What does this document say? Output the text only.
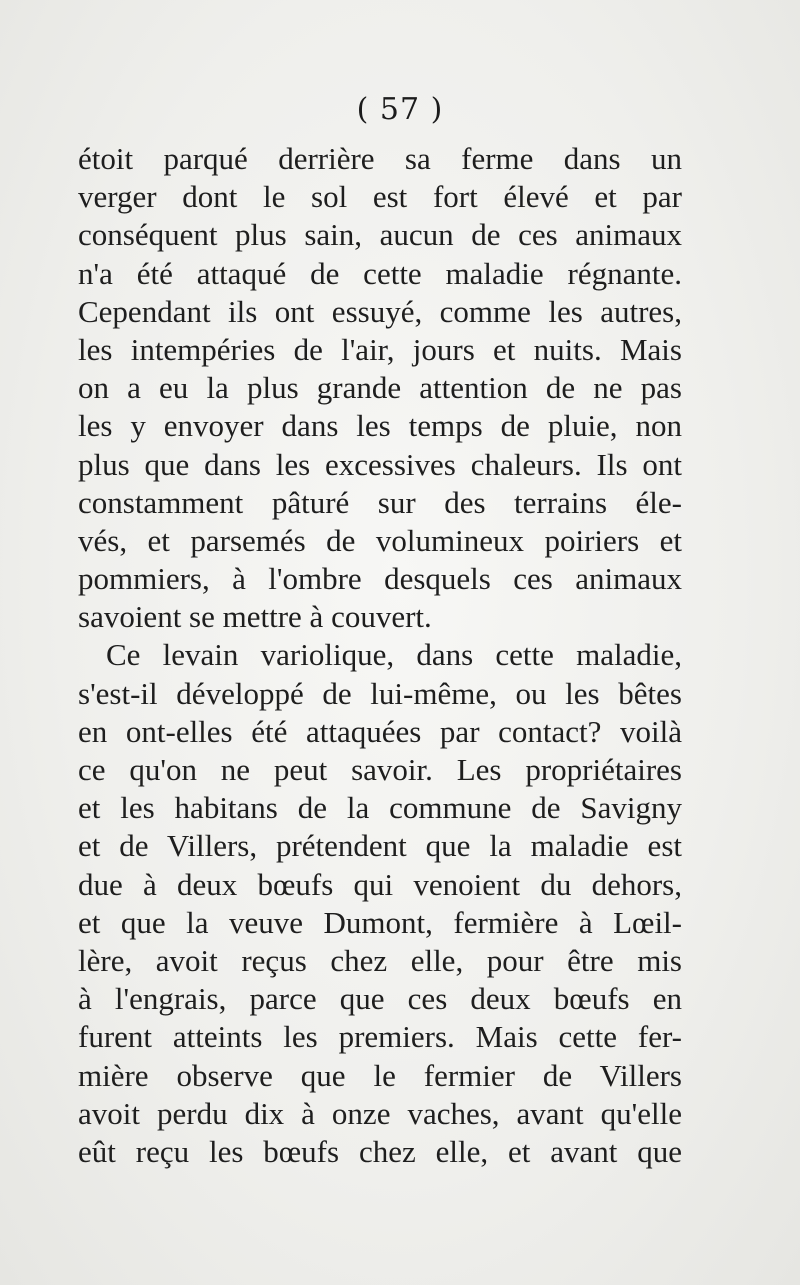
( 57 )
étoit parqué derrière sa ferme dans un
verger dont le sol est fort élevé et par
conséquent plus sain, aucun de ces animaux
n'a été attaqué de cette maladie régnante.
Cependant ils ont essuyé, comme les autres,
les intempéries de l'air, jours et nuits. Mais
on a eu la plus grande attention de ne pas
les y envoyer dans les temps de pluie, non
plus que dans les excessives chaleurs. Ils ont
constamment pâturé sur des terrains éle-
vés, et parsemés de volumineux poiriers et
pommiers, à l'ombre desquels ces animaux
savoient se mettre à couvert.
Ce levain variolique, dans cette maladie,
s'est-il développé de lui-même, ou les bêtes
en ont-elles été attaquées par contact? voilà
ce qu'on ne peut savoir. Les propriétaires
et les habitans de la commune de Savigny
et de Villers, prétendent que la maladie est
due à deux bœufs qui venoient du dehors,
et que la veuve Dumont, fermière à Lœil-
lère, avoit reçus chez elle, pour être mis
à l'engrais, parce que ces deux bœufs en
furent atteints les premiers. Mais cette fer-
mière observe que le fermier de Villers
avoit perdu dix à onze vaches, avant qu'elle
eût reçu les bœufs chez elle, et avant que
